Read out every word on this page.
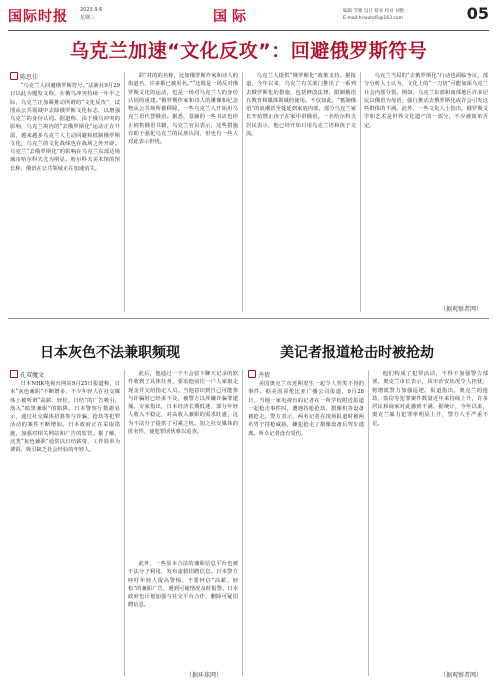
国际时报 2023.9.6
星期三	国际	编辑 节雅 设计 蔡亚 校对 刘艳
E-mail:hcwxhd5@163.com	05
乌克兰加速“文化反攻”：回避俄罗斯符号
陈思佳

“乌克兰人回避俄罗斯符号。”法新社9月29日以此为题发文称，在俄乌冲突持续一年半之际，乌克兰正加紧推动所谓的“文化反攻”，试图从公共领域中去除俄罗斯文化标志，以增强乌克兰的身份认同。据道称，由于俄乌冲突的影响，乌克兰境内的“去俄罗斯化”运动正在升温，越来越多乌克兰人主动回避和抵制俄罗斯文化，乌克兰的文化战线也在战场之外开辟。乌克兰“去俄罗斯化”的影响在乌克兰东部边境城市哈尔科夫尤为明显。哈尔科夫美术馆的馆长称，俄语在公共领域正在加速消失。

彩“对的的名称，比如俄罗斯作家和诗人的街道名，许多都已被更名。”“这既是一场反对俄罗斯文化的运动，也是一场对乌克兰人的身份认同的重建。”俄罗斯作家和诗人的雕像和纪念物从公共场所被移除，一些乌克兰人开始用乌克兰语代替俄语。据悉，基辅的一些书店也停止销售俄语书籍。乌克兰官员表示，这些措施有助于强化乌克兰的民族认同，但也有一些人对此表示担忧。

乌克兰人提供“俄罗斯化”政策支持。据报道，今年以来，乌克兰有关部门推出了一系列去俄罗斯化的措施，包括修改法律、限制俄语在教育和媒体领域的使用。不仅如此，“抵制俄语”的浪潮甚至蔓延到家庭内部，部分乌克兰家长开始禁止孩子在家中讲俄语。一名哈尔科夫居民表示，他已经开始只用乌克兰语和孩子交流。

乌克兰当局的“去俄罗斯化”行动也面临争议，部分分析人士认为，文化上的“一刀切”可能加深乌克兰社会内部分裂。例如，乌克兰东部和南部地区许多居民以俄语为母语，强行推动去俄罗斯化或许会引发这些群体的不满。此外，一些文化人士指出，俄罗斯文学和艺术是世界文化遗产的一部分，不应被简单否定。

（据观察者网）
日本灰色不法兼职频现
孔双魔文

日本NHK电视台网站9月25日报道称，日本“灰色兼职”不断增多，不少年轻人在社交媒体上被所谓“高薪、轻松、日结”的广告吸引，落入“暗黑兼职”的陷阱。日本警察厅数据显示，通过社交媒体招募参与诈骗、抢劫等犯罪活动的案件不断增加。日本政府正在采取措施，加强对相关网站和广告的监管。据了解，这类“灰色兼职”通常以日结薪资、工作简单为诱饵，吸引缺乏社会经验的年轻人。

此后，他通过一个不会留下聊天记录的软件收到了具体任务，要求他前往一户人家取走现金并交给指定人员。当他意识到自己可能参与诈骗时已经来不及，被警方以涉嫌诈骗罪逮捕。专家指出，日本经济长期低迷，部分年轻人收入不稳定，对高收入兼职的需求旺盛，这为不法分子提供了可乘之机。加之社交媒体的匿名性，使犯罪团伙难以追查。

此外，一些原本合法的兼职信息平台也被不法分子利用，发布虚假招聘信息。日本警方呼吁年轻人提高警惕，不要轻信“高薪、轻松”的兼职广告，遇到可疑情况及时报警。日本政府也计划加强与社交平台合作，删除可疑招聘信息。

（据环球网）
美记者报道枪击时被抢劫
齐倩

美国奥克兰市近期发生一起令人哭笑不得的事件。据美国哥伦比亚广播公司报道，9月28日，当地一家电视台的记者在一所学校附近报道一起枪击事件时，遭遇持枪抢劫，摄像机等设备被抢走。警方表示，两名记者在现场报道时被两名男子持枪威胁，嫌犯抢走了摄像设备后驾车逃离。所幸记者没有受伤。

他们构成了犯罪活动，不得不加强警力部署。奥克兰市长表示，该市治安状况令人担忧，将增派警力加强巡逻。报道指出，奥克兰的抢劫、盗窃等犯罪案件数量近年来持续上升，许多居民和商家对此感到不满。据统计，今年以来，奥克兰暴力犯罪率明显上升，警方人手严重不足。

（据观察者网）
